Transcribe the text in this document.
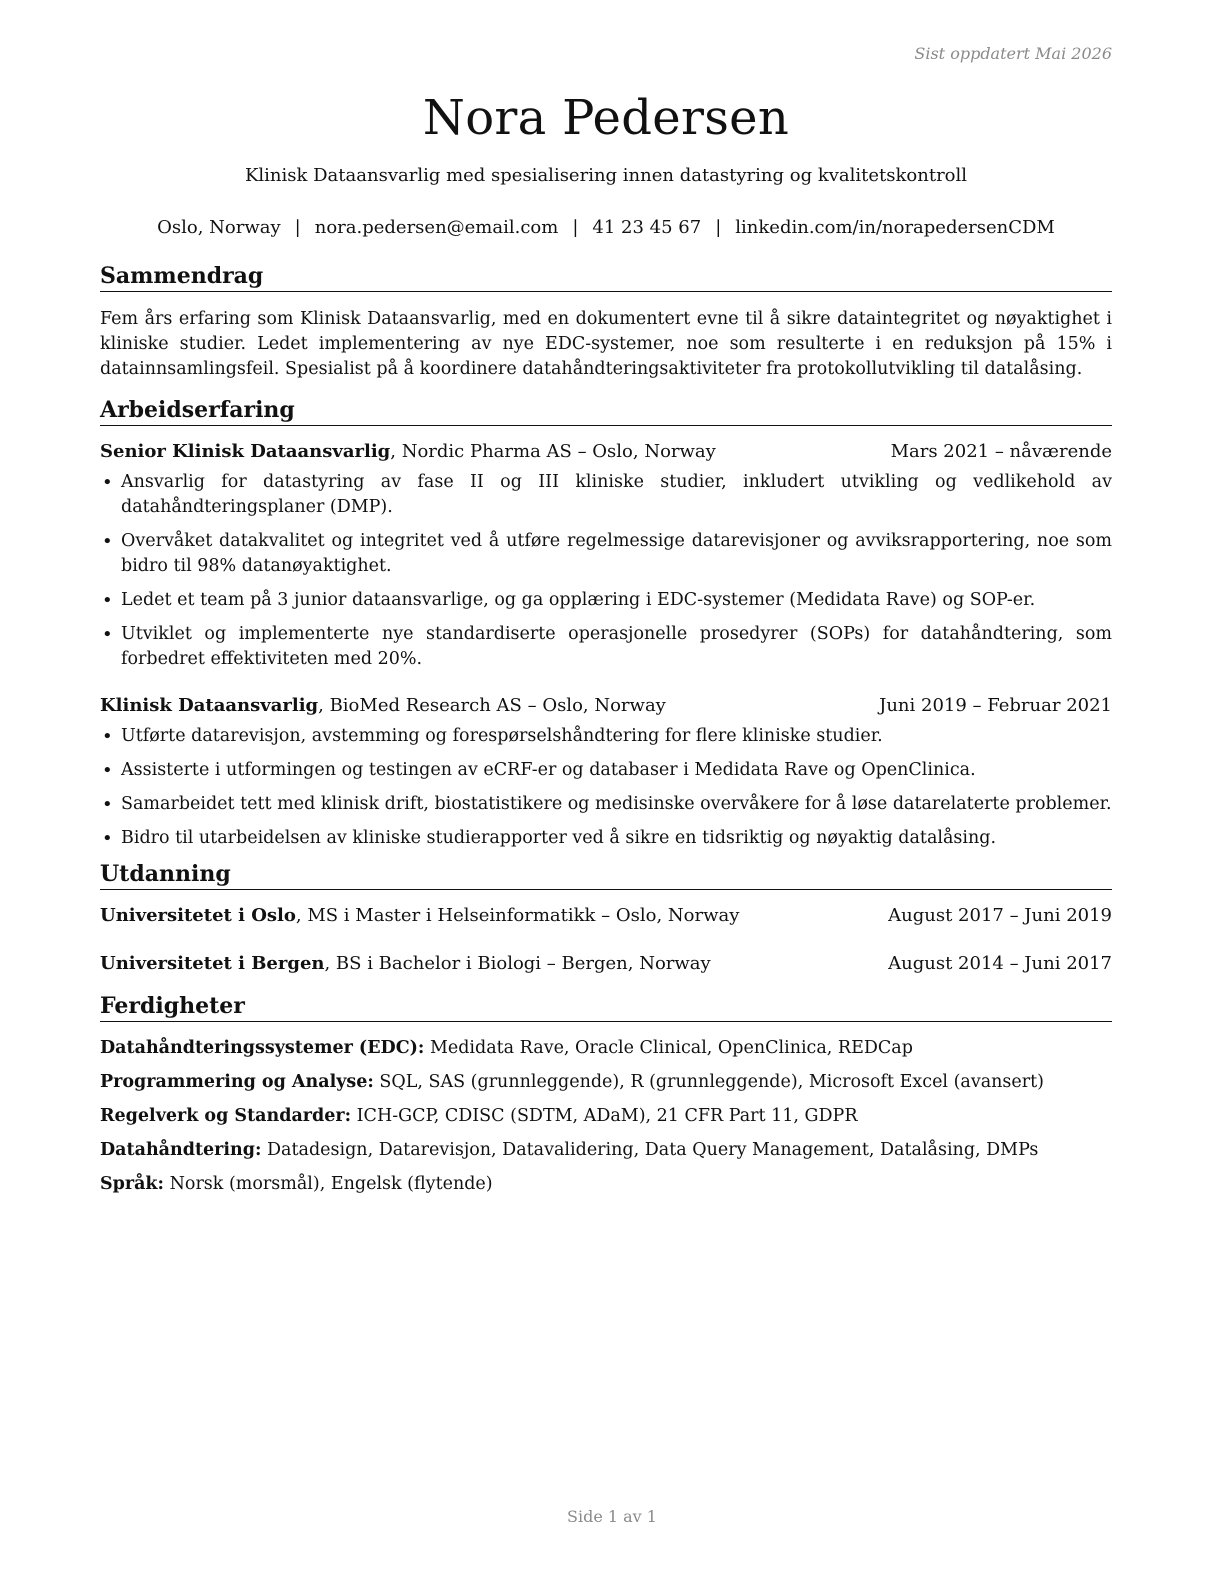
Sist oppdatert Mai 2026
Nora Pedersen
Klinisk Dataansvarlig med spesialisering innen datastyring og kvalitetskontroll
Oslo, Norway | nora.pedersen@email.com | 41 23 45 67 | linkedin.com/in/norapedersenCDM
Sammendrag
Fem års erfaring som Klinisk Dataansvarlig, med en dokumentert evne til å sikre dataintegritet og nøyaktighet i kliniske studier. Ledet implementering av nye EDC-systemer, noe som resulterte i en reduksjon på 15% i datainnsamlingsfeil. Spesialist på å koordinere datahåndteringsaktiviteter fra protokollutvikling til datalåsing.
Arbeidserfaring
Senior Klinisk Dataansvarlig, Nordic Pharma AS – Oslo, Norway	Mars 2021 – nåværende
• Ansvarlig for datastyring av fase II og III kliniske studier, inkludert utvikling og vedlikehold av datahåndteringsplaner (DMP).
• Overvåket datakvalitet og integritet ved å utføre regelmessige datarevisjoner og avviksrapportering, noe som bidro til 98% datanøyaktighet.
• Ledet et team på 3 junior dataansvarlige, og ga opplæring i EDC-systemer (Medidata Rave) og SOP-er.
• Utviklet og implementerte nye standardiserte operasjonelle prosedyrer (SOPs) for datahåndtering, som forbedret effektiviteten med 20%.
Klinisk Dataansvarlig, BioMed Research AS – Oslo, Norway	Juni 2019 – Februar 2021
• Utførte datarevisjon, avstemming og forespørselshåndtering for flere kliniske studier.
• Assisterte i utformingen og testingen av eCRF-er og databaser i Medidata Rave og OpenClinica.
• Samarbeidet tett med klinisk drift, biostatistikere og medisinske overvåkere for å løse datarelaterte problemer.
• Bidro til utarbeidelsen av kliniske studierapporter ved å sikre en tidsriktig og nøyaktig datalåsing.
Utdanning
Universitetet i Oslo, MS i Master i Helseinformatikk – Oslo, Norway	August 2017 – Juni 2019
Universitetet i Bergen, BS i Bachelor i Biologi – Bergen, Norway	August 2014 – Juni 2017
Ferdigheter
Datahåndteringssystemer (EDC): Medidata Rave, Oracle Clinical, OpenClinica, REDCap
Programmering og Analyse: SQL, SAS (grunnleggende), R (grunnleggende), Microsoft Excel (avansert)
Regelverk og Standarder: ICH-GCP, CDISC (SDTM, ADaM), 21 CFR Part 11, GDPR
Datahåndtering: Datadesign, Datarevisjon, Datavalidering, Data Query Management, Datalåsing, DMPs
Språk: Norsk (morsmål), Engelsk (flytende)
Side 1 av 1
